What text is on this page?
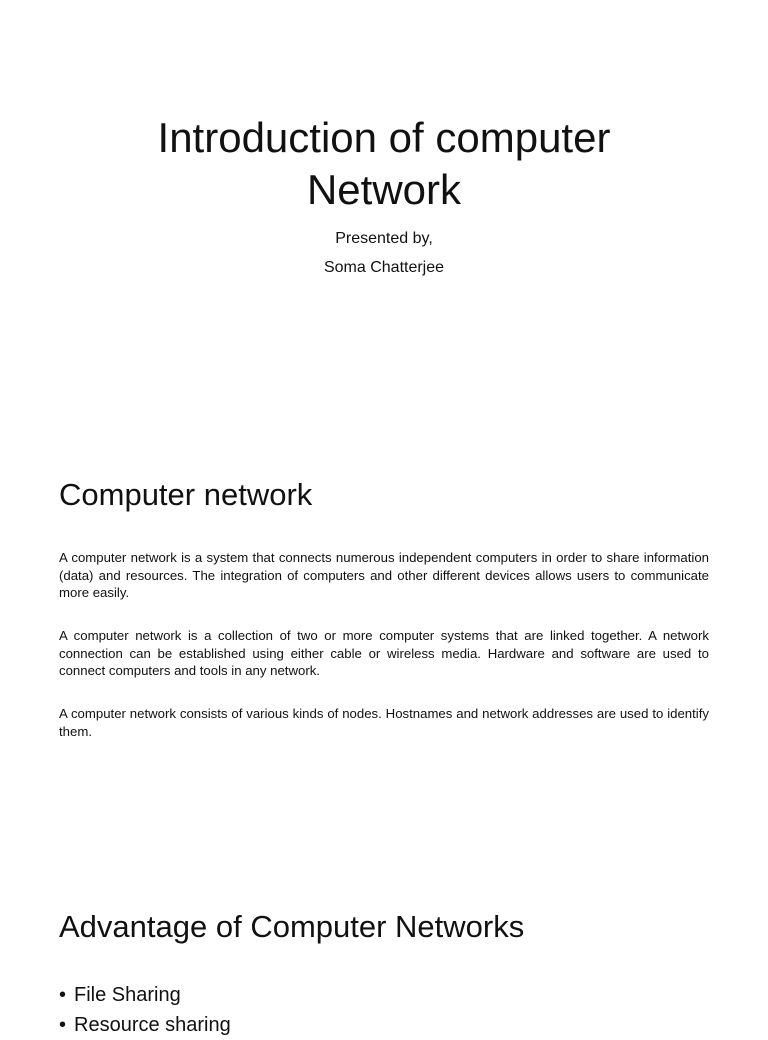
Introduction of computer
Network
Presented by,
Soma Chatterjee
Computer network

A computer network is a system that connects numerous independent computers in order to share information (data) and resources. The integration of computers and other different devices allows users to communicate more easily.

A computer network is a collection of two or more computer systems that are linked together. A network connection can be established using either cable or wireless media. Hardware and software are used to connect computers and tools in any network.

A computer network consists of various kinds of nodes. Hostnames and network addresses are used to identify them.

Advantage of Computer Networks
• File Sharing
• Resource sharing
